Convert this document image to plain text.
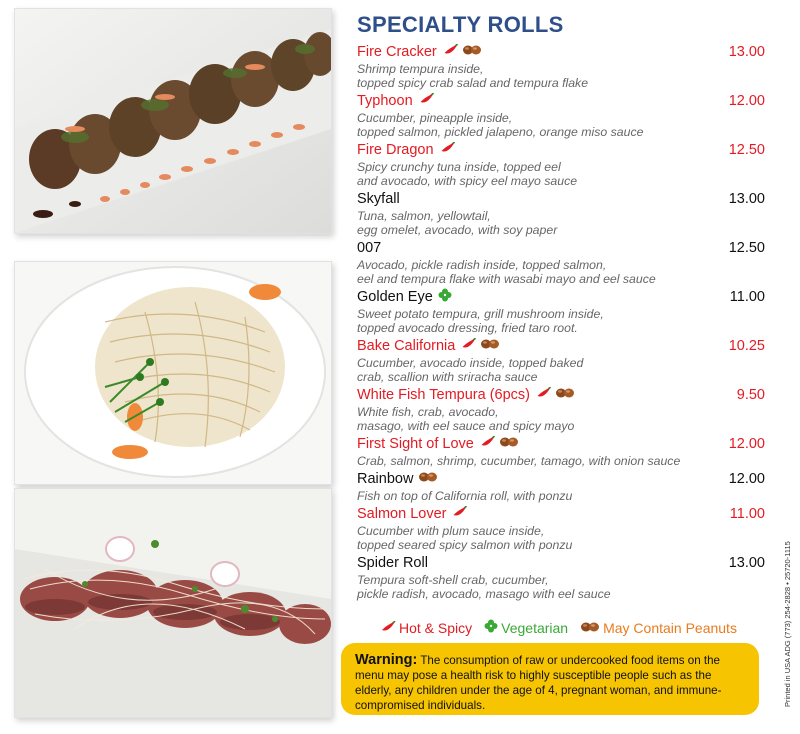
SPECIALTY ROLLS
Fire Cracker	13.00
Shrimp tempura inside,
topped spicy crab salad and tempura flake
Typhoon	12.00
Cucumber, pineapple inside,
topped salmon, pickled jalapeno, orange miso sauce
Fire Dragon	12.50
Spicy crunchy tuna inside, topped eel
and avocado, with spicy eel mayo sauce
Skyfall	13.00
Tuna, salmon, yellowtail,
egg omelet, avocado, with soy paper
007	12.50
Avocado, pickle radish inside, topped salmon,
eel and tempura flake with wasabi mayo and eel sauce
Golden Eye	11.00
Sweet potato tempura, grill mushroom inside,
topped avocado dressing, fried taro root.
Bake California	10.25
Cucumber, avocado inside, topped baked
crab, scallion with sriracha sauce
White Fish Tempura (6pcs)	9.50
White fish, crab, avocado,
masago, with eel sauce and spicy mayo
First Sight of Love	12.00
Crab, salmon, shrimp, cucumber, tamago, with onion sauce
Rainbow	12.00
Fish on top of California roll, with ponzu
Salmon Lover	11.00
Cucumber with plum sauce inside,
topped seared spicy salmon with ponzu
Spider Roll	13.00
Tempura soft-shell crab, cucumber,
pickle radish, avocado, masago with eel sauce
Hot & Spicy Vegetarian	May Contain Peanuts
Warning: The consumption of raw or undercooked food items on the menu may pose a health risk to highly susceptible people such as the elderly, any children under the age of 4, pregnant woman, and immune-compromised individuals.	Printed in USA ADG (773) 254-2828 • 25720-1115
